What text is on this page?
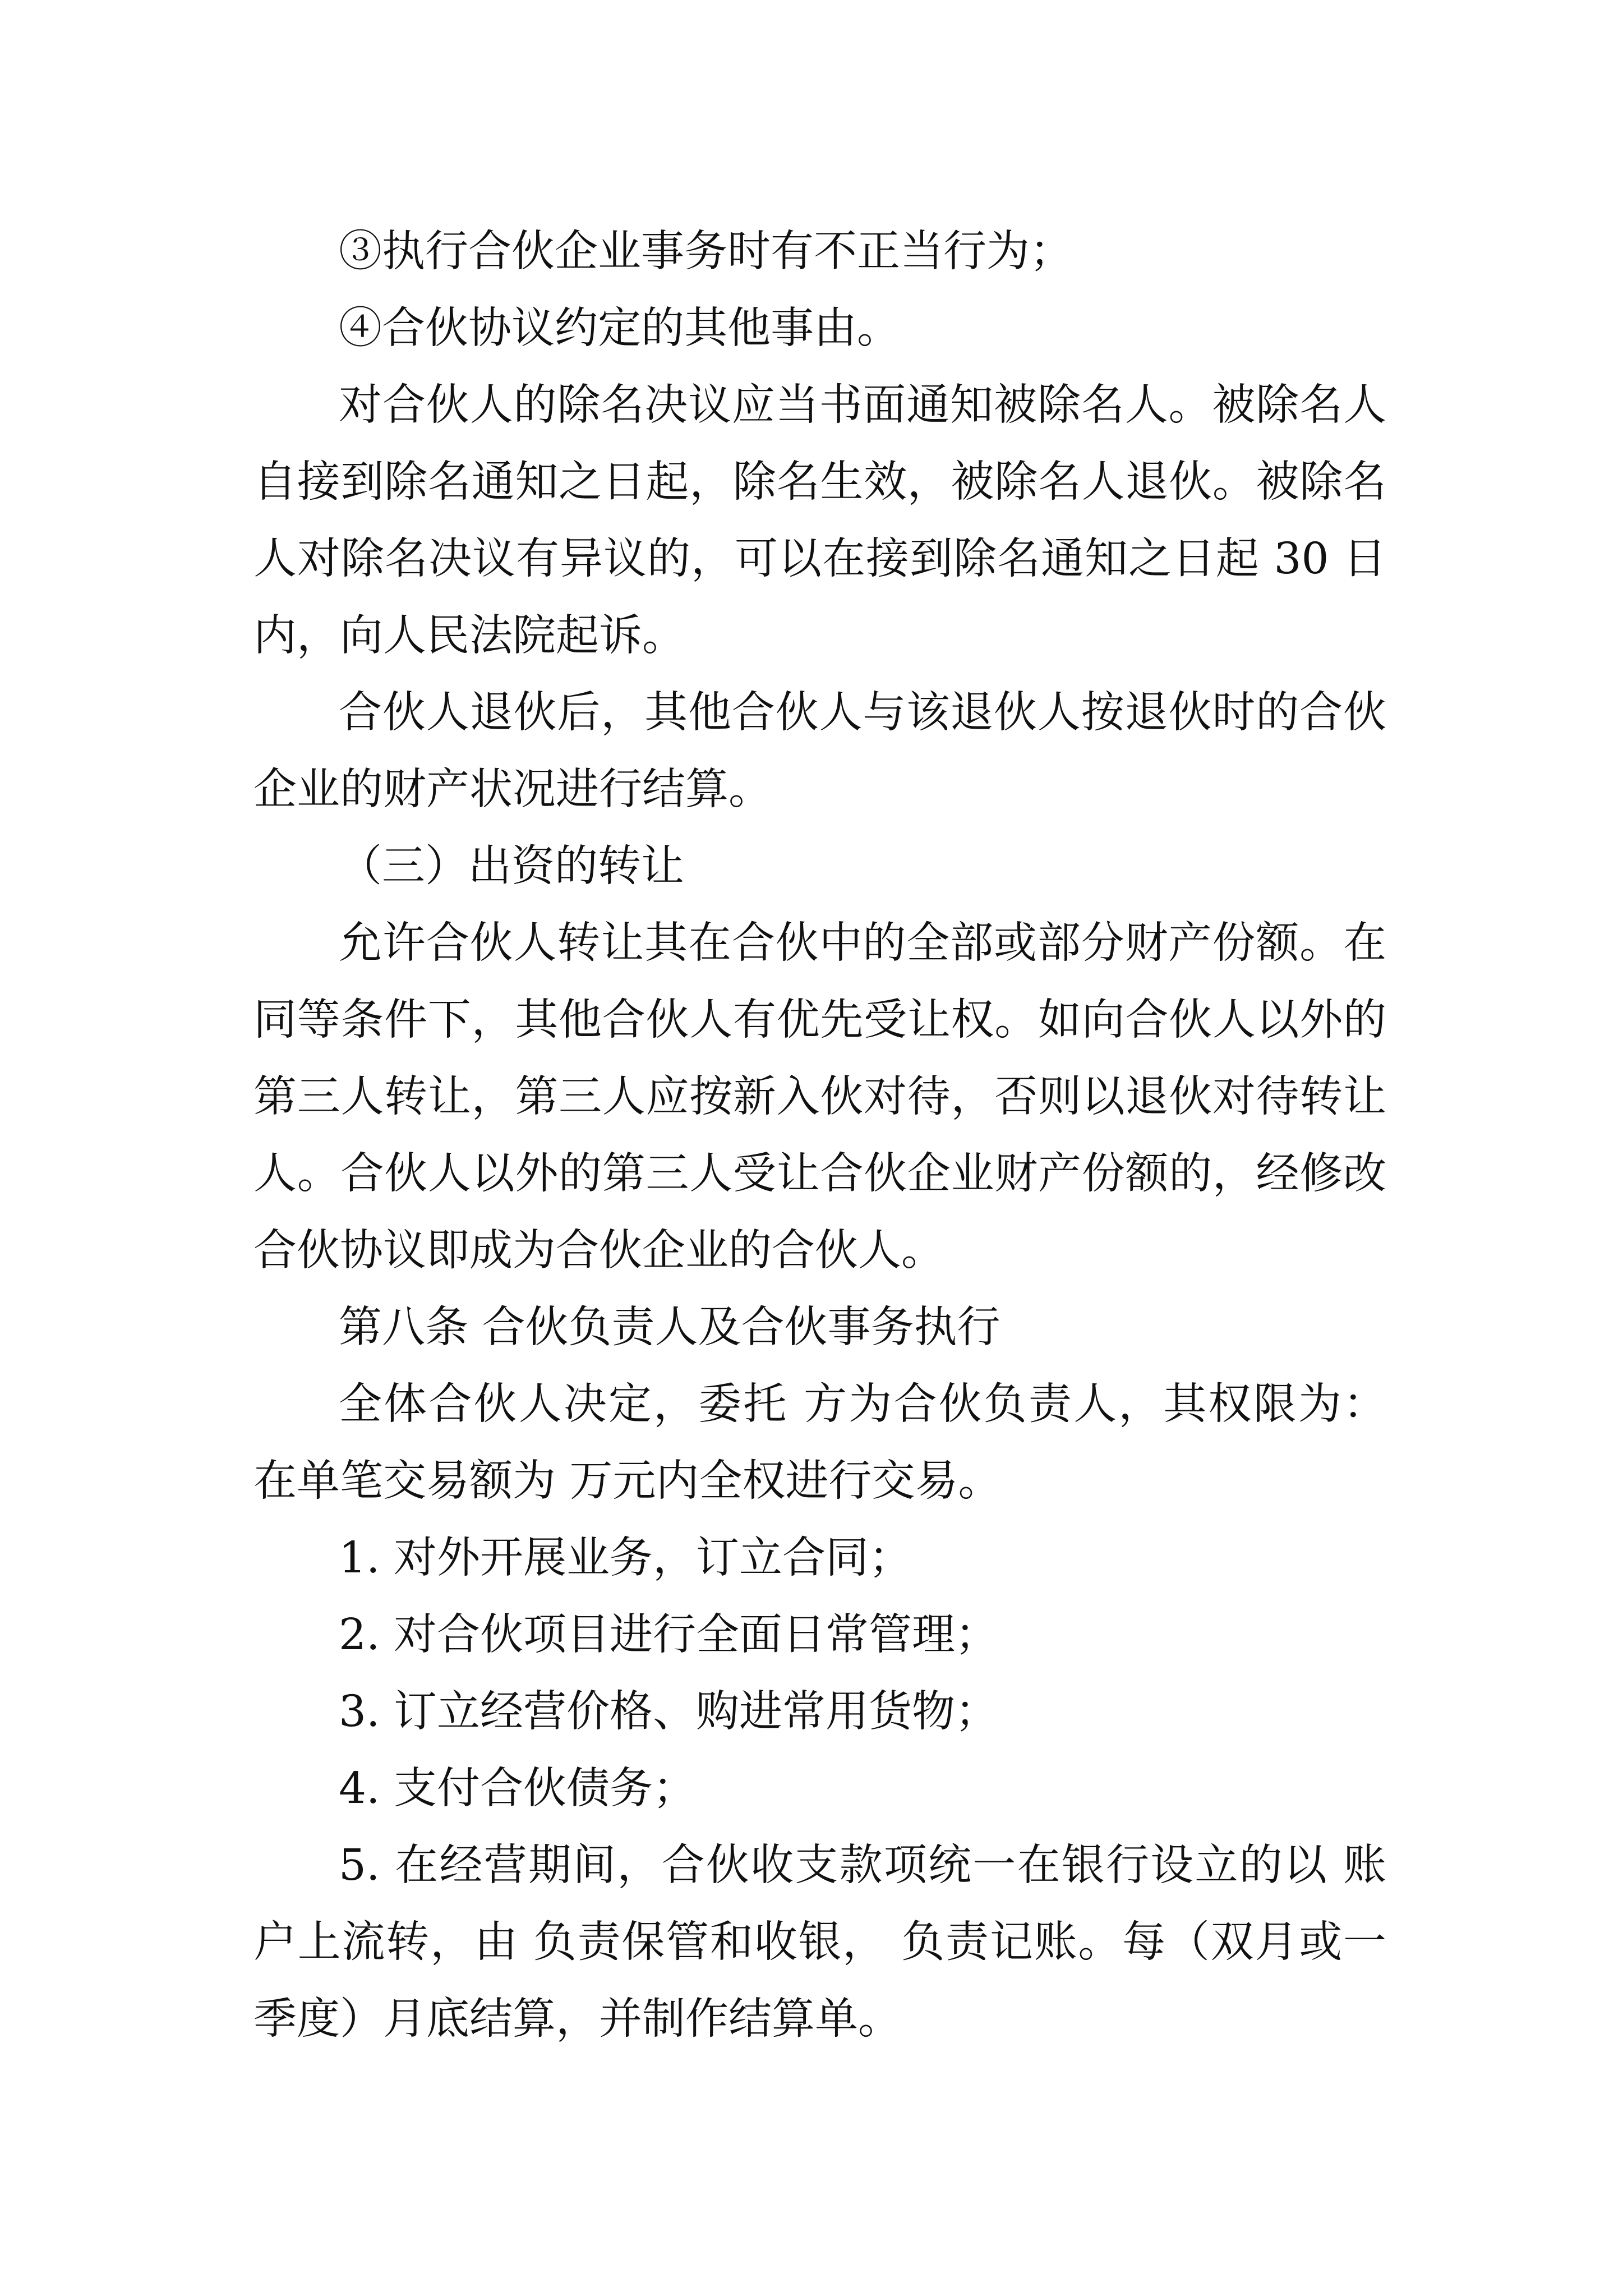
③执行合伙企业事务时有不正当行为；
④合伙协议约定的其他事由。
对合伙人的除名决议应当书面通知被除名人。被除名人
自接到除名通知之日起，除名生效，被除名人退伙。被除名
人对除名决议有异议的，可以在接到除名通知之日起 30 日
内，向人民法院起诉。
合伙人退伙后，其他合伙人与该退伙人按退伙时的合伙
企业的财产状况进行结算。
（三）出资的转让
允许合伙人转让其在合伙中的全部或部分财产份额。在
同等条件下，其他合伙人有优先受让权。如向合伙人以外的
第三人转让，第三人应按新入伙对待，否则以退伙对待转让
人。合伙人以外的第三人受让合伙企业财产份额的，经修改
合伙协议即成为合伙企业的合伙人。
第八条 合伙负责人及合伙事务执行
全体合伙人决定，委托 方为合伙负责人，其权限为：
在单笔交易额为 万元内全权进行交易。
1. 对外开展业务，订立合同；
2. 对合伙项目进行全面日常管理；
3. 订立经营价格、购进常用货物；
4. 支付合伙债务；
5. 在经营期间，合伙收支款项统一在银行设立的以 账
户上流转，由 负责保管和收银， 负责记账。每（双月或一
季度）月底结算，并制作结算单。
